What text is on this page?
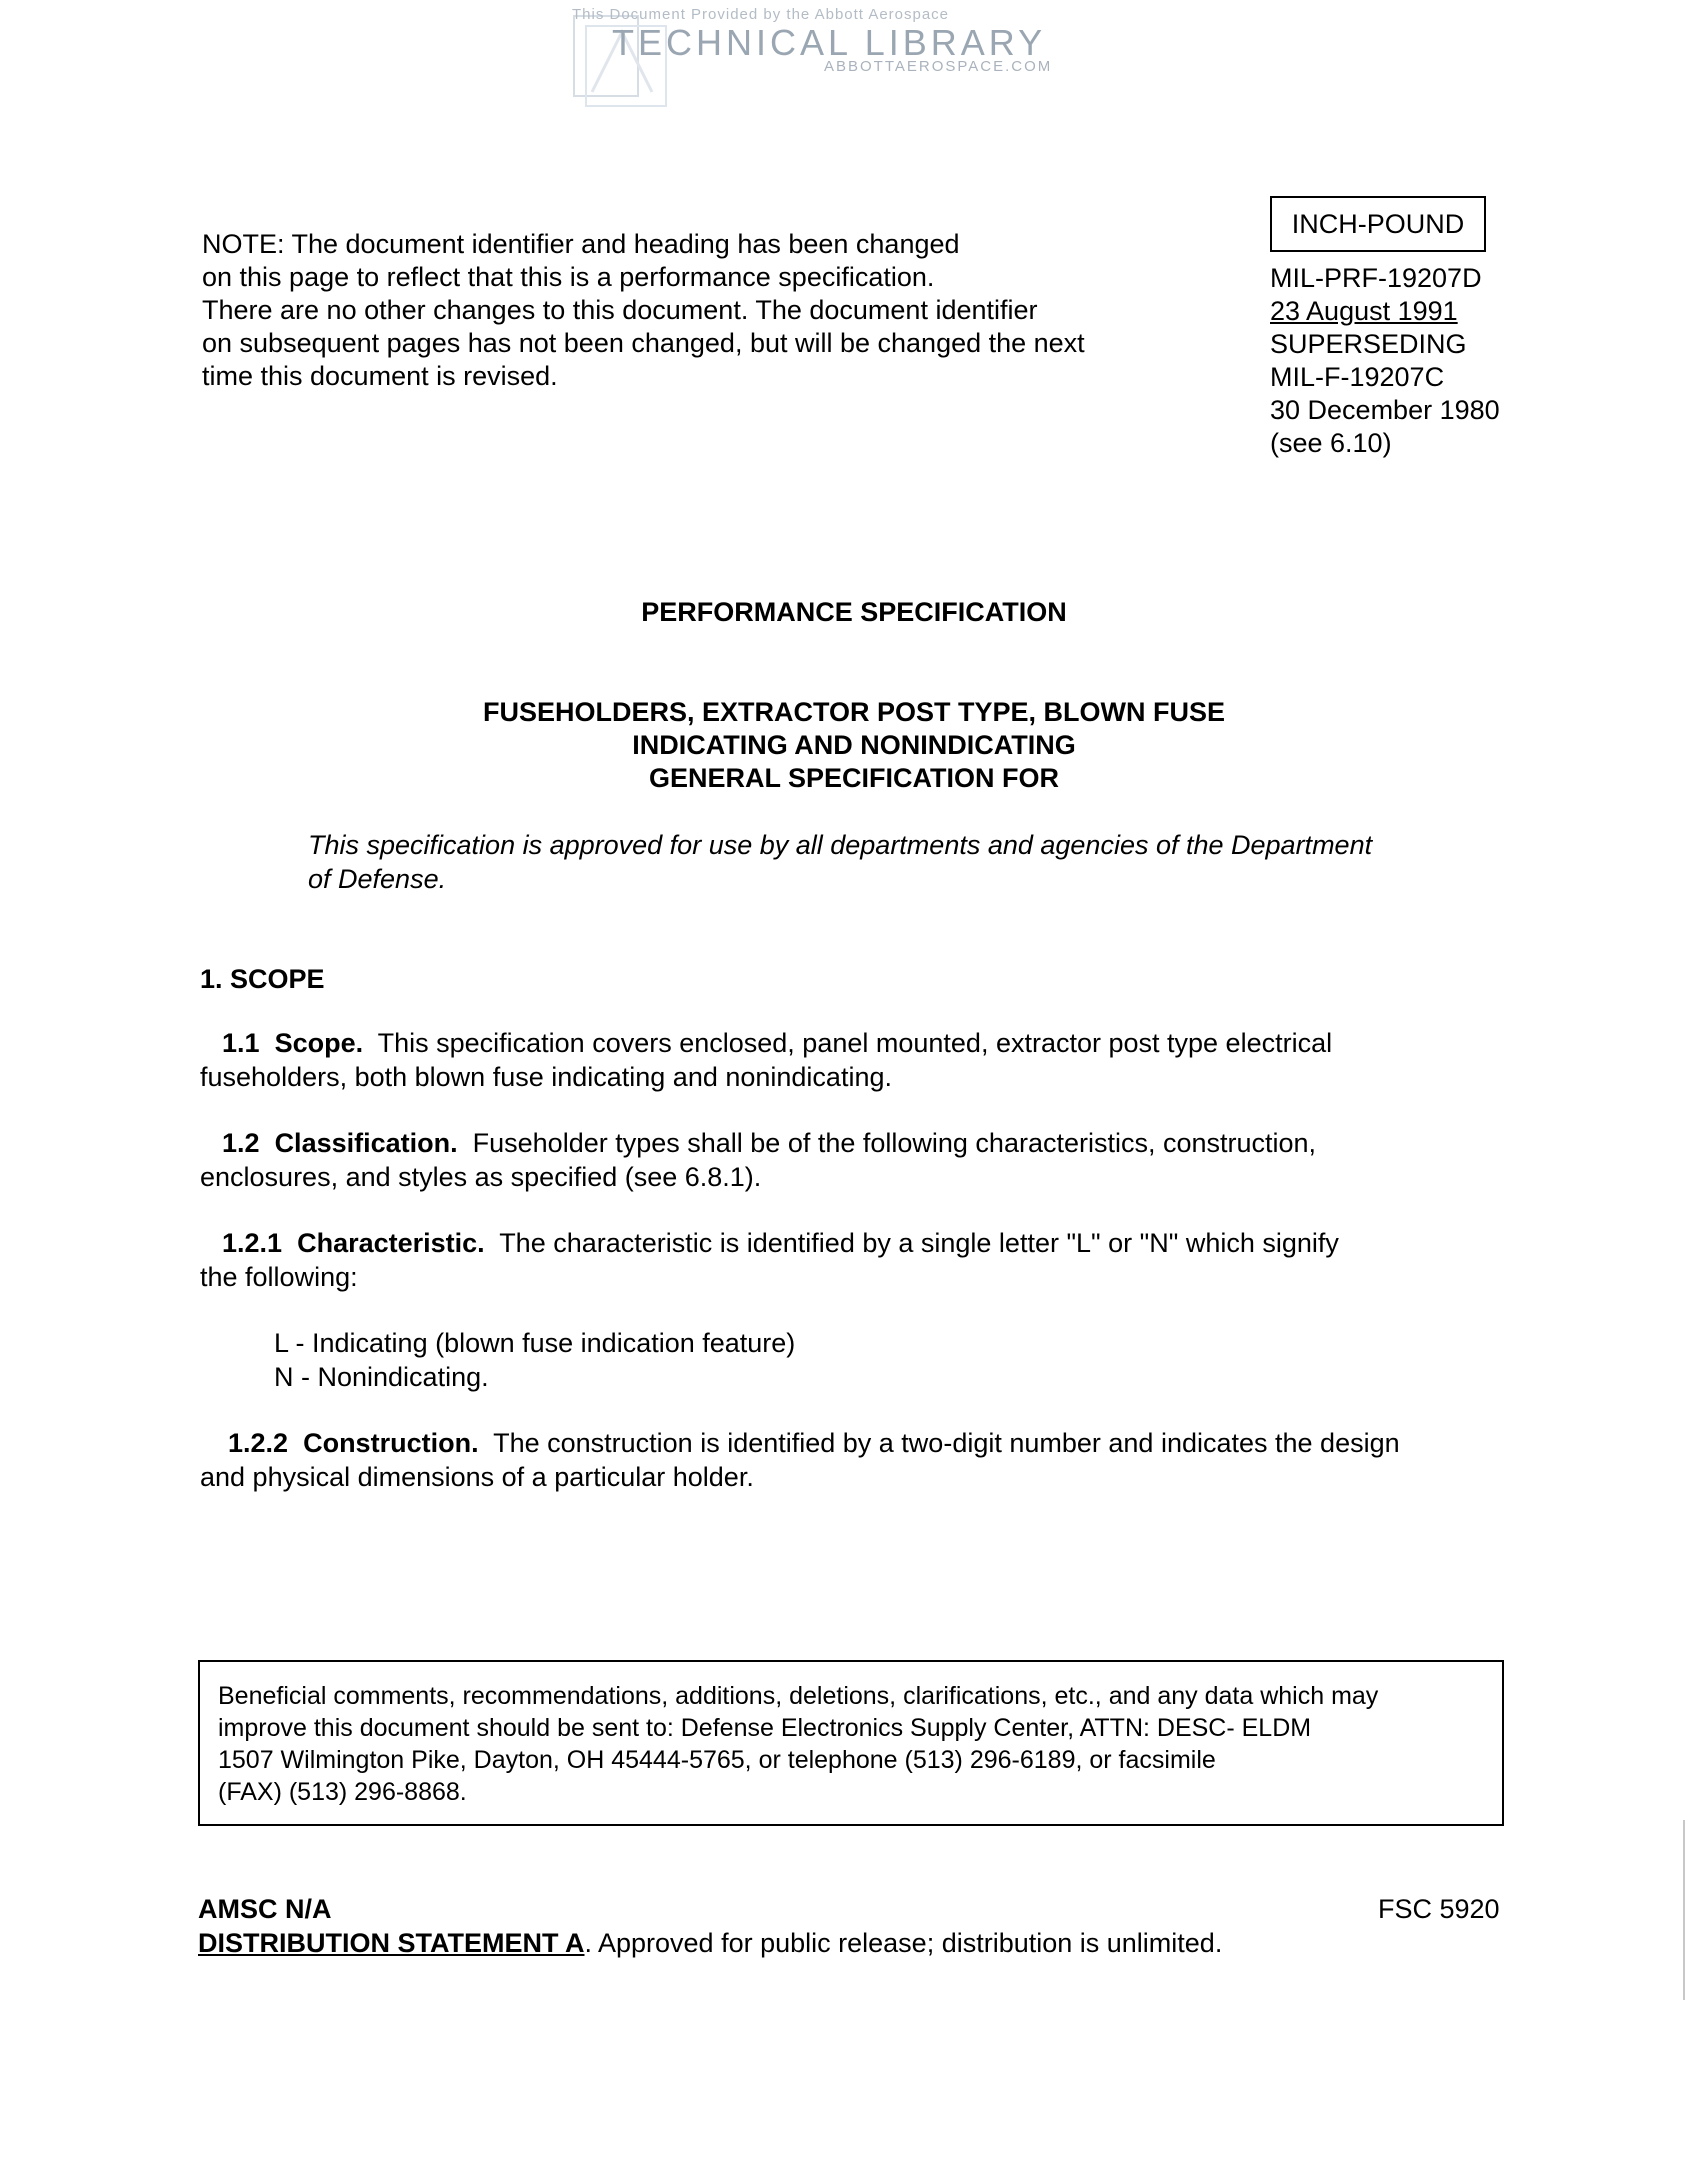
This Document Provided by the Abbott Aerospace
TECHNICAL LIBRARY
ABBOTTAEROSPACE.COM
NOTE: The document identifier and heading has been changed
on this page to reflect that this is a performance specification.
There are no other changes to this document. The document identifier
on subsequent pages has not been changed, but will be changed the next
time this document is revised.
INCH-POUND
MIL-PRF-19207D
23 August 1991
SUPERSEDING
MIL-F-19207C
30 December 1980
(see 6.10)
PERFORMANCE SPECIFICATION
FUSEHOLDERS, EXTRACTOR POST TYPE, BLOWN FUSE
INDICATING AND NONINDICATING
GENERAL SPECIFICATION FOR
This specification is approved for use by all departments and agencies of the Department
of Defense.
1. SCOPE
1.1 Scope. This specification covers enclosed, panel mounted, extractor post type electrical
fuseholders, both blown fuse indicating and nonindicating.
1.2 Classification. Fuseholder types shall be of the following characteristics, construction,
enclosures, and styles as specified (see 6.8.1).
1.2.1 Characteristic. The characteristic is identified by a single letter "L" or "N" which signify
the following:
L - Indicating (blown fuse indication feature)
N - Nonindicating.
1.2.2 Construction. The construction is identified by a two-digit number and indicates the design
and physical dimensions of a particular holder.
Beneficial comments, recommendations, additions, deletions, clarifications, etc., and any data which may
improve this document should be sent to: Defense Electronics Supply Center, ATTN: DESC- ELDM
1507 Wilmington Pike, Dayton, OH 45444-5765, or telephone (513) 296-6189, or facsimile
(FAX) (513) 296-8868.
AMSC N/A	FSC 5920
DISTRIBUTION STATEMENT A. Approved for public release; distribution is unlimited.
